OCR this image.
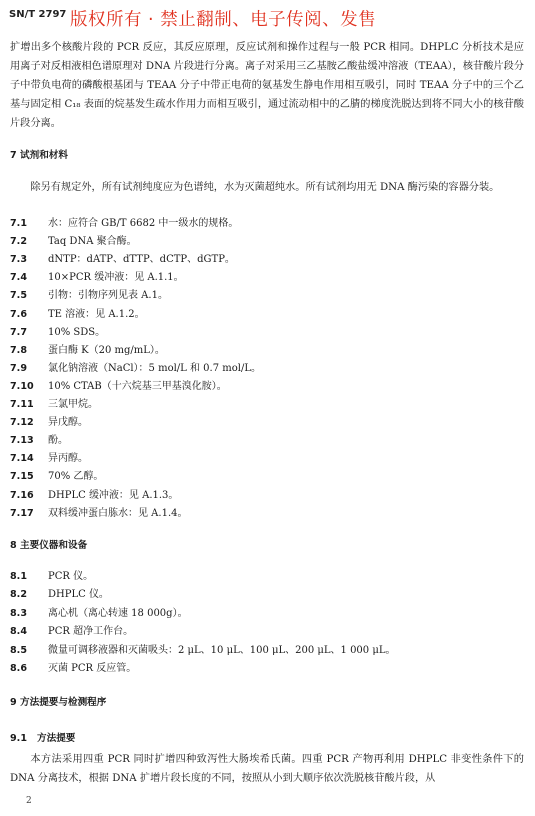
SN/T 2797 版权所有 · 禁止翻制、电子传阅、发售
扩增出多个核酸片段的 PCR 反应，其反应原理，反应试剂和操作过程与一般 PCR 相同。DHPLC 分析技术是应用离子对反相液相色谱原理对 DNA 片段进行分离。离子对采用三乙基胺乙酸盐缓冲溶液（TEAA），核苷酸片段分子中带负电荷的磷酸根基团与 TEAA 分子中带正电荷的氨基发生静电作用相互吸引，同时 TEAA 分子中的三个乙基与固定相 C₁₈ 表面的烷基发生疏水作用力而相互吸引，通过流动相中的乙腈的梯度洗脱达到将不同大小的核苷酸片段分离。
7 试剂和材料
除另有规定外，所有试剂纯度应为色谱纯，水为灭菌超纯水。所有试剂均用无 DNA 酶污染的容器分装。
7.1 水：应符合 GB/T 6682 中一级水的规格。
7.2 Taq DNA 聚合酶。
7.3 dNTP：dATP、dTTP、dCTP、dGTP。
7.4 10×PCR 缓冲液：见 A.1.1。
7.5 引物：引物序列见表 A.1。
7.6 TE 溶液：见 A.1.2。
7.7 10% SDS。
7.8 蛋白酶 K（20 mg/mL）。
7.9 氯化钠溶液（NaCl）：5 mol/L 和 0.7 mol/L。
7.10 10% CTAB（十六烷基三甲基溴化胺）。
7.11 三氯甲烷。
7.12 异戊醇。
7.13 酚。
7.14 异丙醇。
7.15 70% 乙醇。
7.16 DHPLC 缓冲液：见 A.1.3。
7.17 双料缓冲蛋白胨水：见 A.1.4。
8 主要仪器和设备
8.1 PCR 仪。
8.2 DHPLC 仪。
8.3 离心机（离心转速 18 000g）。
8.4 PCR 超净工作台。
8.5 微量可调移液器和灭菌吸头：2 μL、10 μL、100 μL、200 μL、1 000 μL。
8.6 灭菌 PCR 反应管。
9 方法提要与检测程序
9.1 方法提要
本方法采用四重 PCR 同时扩增四种致泻性大肠埃希氏菌。四重 PCR 产物再利用 DHPLC 非变性条件下的 DNA 分离技术，根据 DNA 扩增片段长度的不同，按照从小到大顺序依次洗脱核苷酸片段，从
2
